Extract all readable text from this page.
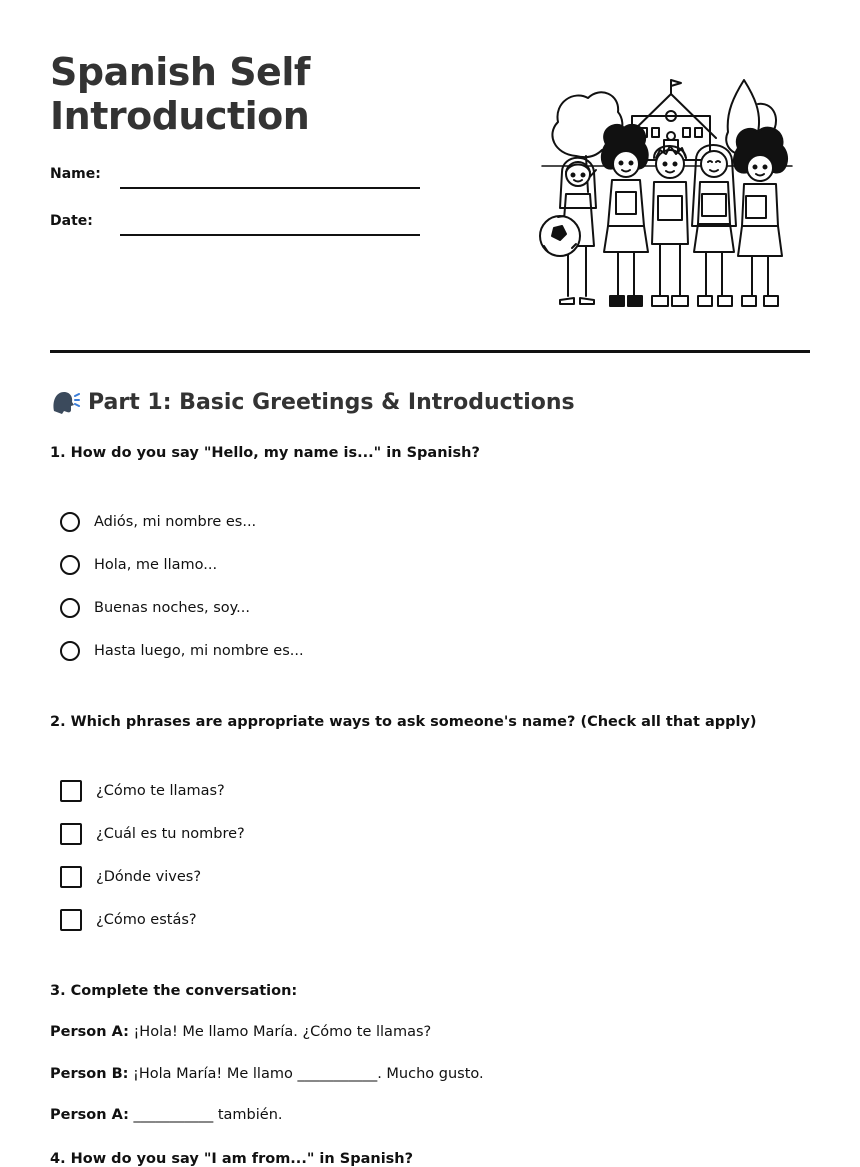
Spanish Self
Introduction
Name:
Date:
Part 1: Basic Greetings & Introductions
1. How do you say "Hello, my name is..." in Spanish?
Adiós, mi nombre es...
Hola, me llamo...
Buenas noches, soy...
Hasta luego, mi nombre es...
2. Which phrases are appropriate ways to ask someone's name? (Check all that apply)
¿Cómo te llamas?
¿Cuál es tu nombre?
¿Dónde vives?
¿Cómo estás?
3. Complete the conversation:
Person A: ¡Hola! Me llamo María. ¿Cómo te llamas?
Person B: ¡Hola María! Me llamo ___________. Mucho gusto.
Person A: ___________ también.
4. How do you say "I am from..." in Spanish?
